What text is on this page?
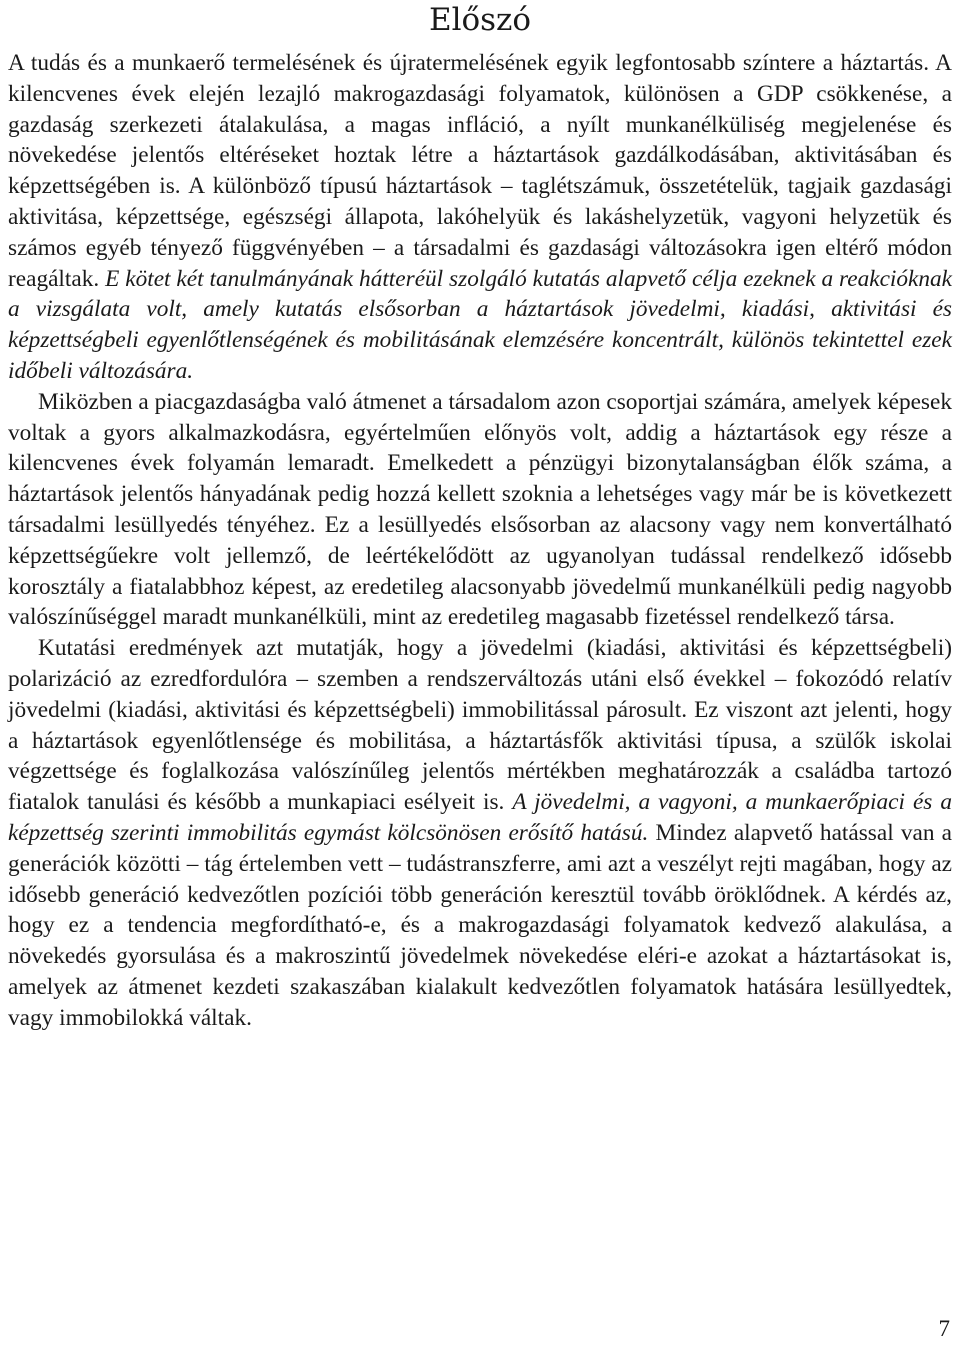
Előszó

A tudás és a munkaerő termelésének és újratermelésének egyik legfontosabb színtere a háztartás. A kilencvenes évek elején lezajló makrogazdasági folyamatok, különösen a GDP csökkenése, a gazdaság szerkezeti átalakulása, a magas infláció, a nyílt munkanélküliség megjelenése és növekedése jelentős eltéréseket hoztak létre a háztartások gazdálkodásában, aktivitásában és képzettségében is. A különböző típusú háztartások – taglétszámuk, összetételük, tagjaik gazdasági aktivitása, képzettsége, egészségi állapota, lakóhelyük és lakáshelyzetük, vagyoni helyzetük és számos egyéb tényező függvényében – a társadalmi és gazdasági változásokra igen eltérő módon reagáltak. E kötet két tanulmányának hátteréül szolgáló kutatás alapvető célja ezeknek a reakcióknak a vizsgálata volt, amely kutatás elsősorban a háztartások jövedelmi, kiadási, aktivitási és képzettségbeli egyenlőtlenségének és mobilitásának elemzésére koncentrált, különös tekintettel ezek időbeli változására.

Miközben a piacgazdaságba való átmenet a társadalom azon csoportjai számára, amelyek képesek voltak a gyors alkalmazkodásra, egyértelműen előnyös volt, addig a háztartások egy része a kilencvenes évek folyamán lemaradt. Emelkedett a pénzügyi bizonytalanságban élők száma, a háztartások jelentős hányadának pedig hozzá kellett szoknia a lehetséges vagy már be is következett társadalmi lesüllyedés tényéhez. Ez a lesüllyedés elsősorban az alacsony vagy nem konvertálható képzettségűekre volt jellemző, de leértékelődött az ugyanolyan tudással rendelkező idősebb korosztály a fiatalabbhoz képest, az eredetileg alacsonyabb jövedelmű munkanélküli pedig nagyobb valószínűséggel maradt munkanélküli, mint az eredetileg magasabb fizetéssel rendelkező társa.

Kutatási eredmények azt mutatják, hogy a jövedelmi (kiadási, aktivitási és képzettségbeli) polarizáció az ezredfordulóra – szemben a rendszerváltozás utáni első évekkel – fokozódó relatív jövedelmi (kiadási, aktivitási és képzettségbeli) immobilitással párosult. Ez viszont azt jelenti, hogy a háztartások egyenlőtlensége és mobilitása, a háztartásfők aktivitási típusa, a szülők iskolai végzettsége és foglalkozása valószínűleg jelentős mértékben meghatározzák a családba tartozó fiatalok tanulási és később a munkapiaci esélyeit is. A jövedelmi, a vagyoni, a munkaerőpiaci és a képzettség szerinti immobilitás egymást kölcsönösen erősítő hatású. Mindez alapvető hatással van a generációk közötti – tág értelemben vett – tudástranszferre, ami azt a veszélyt rejti magában, hogy az idősebb generáció kedvezőtlen pozíciói több generáción keresztül tovább öröklődnek. A kérdés az, hogy ez a tendencia megfordítható-e, és a makrogazdasági folyamatok kedvező alakulása, a növekedés gyorsulása és a makroszintű jövedelmek növekedése eléri-e azokat a háztartásokat is, amelyek az átmenet kezdeti szakaszában kialakult kedvezőtlen folyamatok hatására lesüllyedtek, vagy immobilokká váltak.

7
